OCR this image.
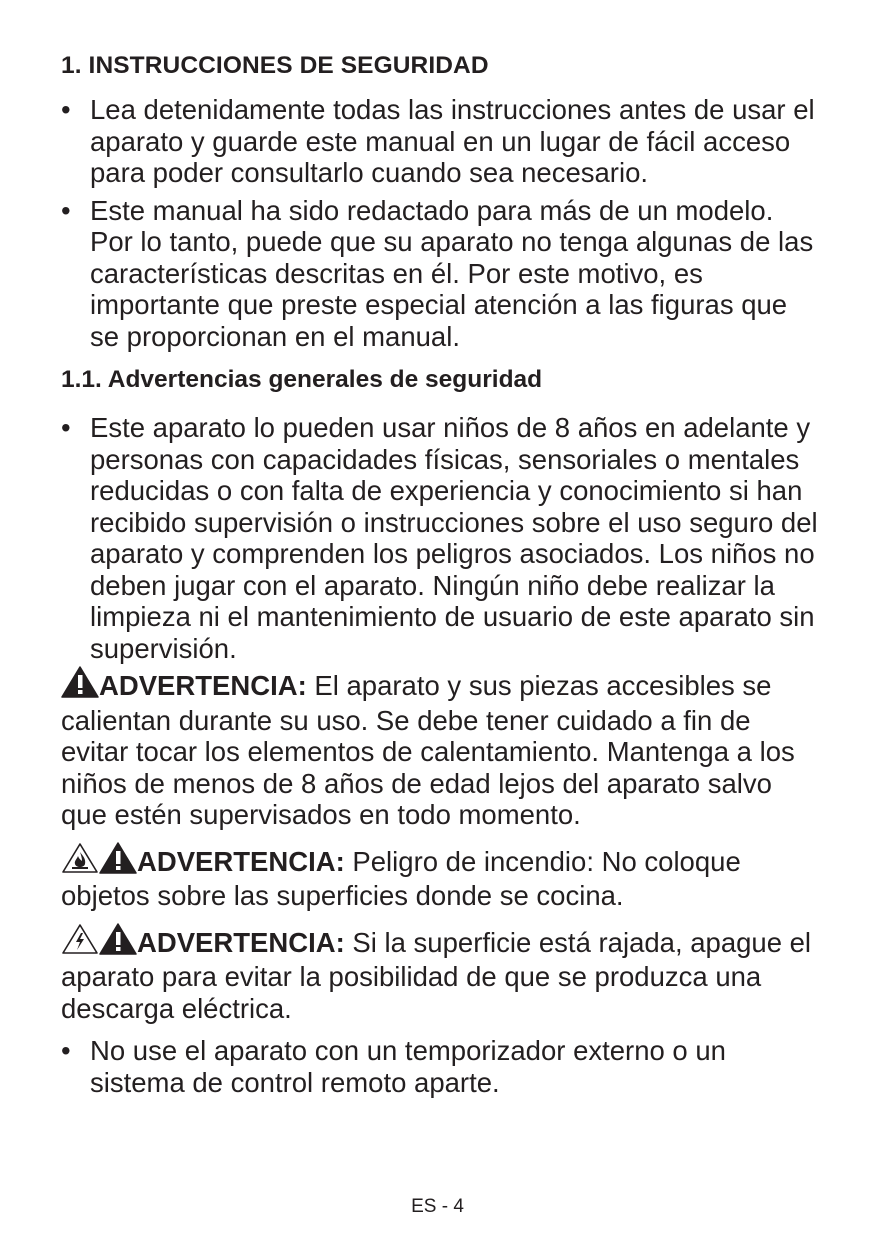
1. INSTRUCCIONES DE SEGURIDAD
• Lea detenidamente todas las instrucciones antes de usar el aparato y guarde este manual en un lugar de fácil acceso para poder consultarlo cuando sea necesario.
• Este manual ha sido redactado para más de un modelo. Por lo tanto, puede que su aparato no tenga algunas de las características descritas en él. Por este motivo, es importante que preste especial atención a las figuras que se proporcionan en el manual.
1.1. Advertencias generales de seguridad
• Este aparato lo pueden usar niños de 8 años en adelante y personas con capacidades físicas, sensoriales o mentales reducidas o con falta de experiencia y conocimiento si han recibido supervisión o instrucciones sobre el uso seguro del aparato y comprenden los peligros asociados. Los niños no deben jugar con el aparato. Ningún niño debe realizar la limpieza ni el mantenimiento de usuario de este aparato sin supervisión.

ADVERTENCIA: El aparato y sus piezas accesibles se calientan durante su uso. Se debe tener cuidado a fin de evitar tocar los elementos de calentamiento. Mantenga a los niños de menos de 8 años de edad lejos del aparato salvo que estén supervisados en todo momento.

ADVERTENCIA: Peligro de incendio: No coloque objetos sobre las superficies donde se cocina.

ADVERTENCIA: Si la superficie está rajada, apague el aparato para evitar la posibilidad de que se produzca una descarga eléctrica.

• No use el aparato con un temporizador externo o un sistema de control remoto aparte.
ES - 4
